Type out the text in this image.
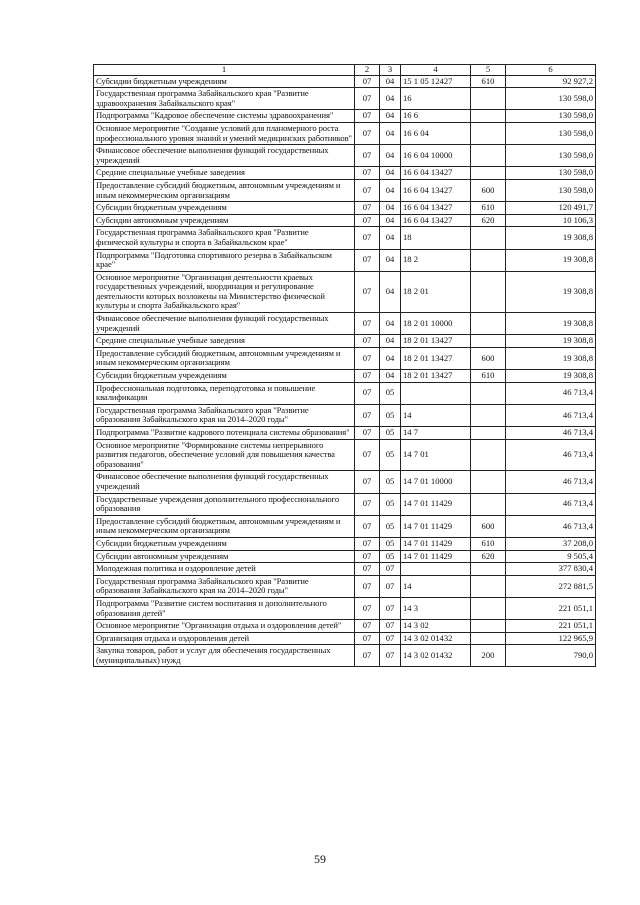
1	2	3	4	5	6
Субсидии бюджетным учреждениям	07	04	15 1 05 12427	610	92 927,2
Государственная программа Забайкальского края "Развитие здравоохранения Забайкальского края"	07	04	16		130 598,0
Подпрограмма "Кадровое обеспечение системы здравоохранения"	07	04	16 6		130 598,0
Основное мероприятие "Создание условий для планомерного роста профессионального уровня знаний и умений медицинских работников"	07	04	16 6 04		130 598,0
Финансовое обеспечение выполнения функций государственных учреждений	07	04	16 6 04 10000		130 598,0
Средние специальные учебные заведения	07	04	16 6 04 13427		130 598,0
Предоставление субсидий бюджетным, автономным учреждениям и иным некоммерческим организациям	07	04	16 6 04 13427	600	130 598,0
Субсидии бюджетным учреждениям	07	04	16 6 04 13427	610	120 491,7
Субсидии автономным учреждениям	07	04	16 6 04 13427	620	10 106,3
Государственная программа Забайкальского края "Развитие физической культуры и спорта в Забайкальском крае"	07	04	18		19 308,8
Подпрограмма "Подготовка спортивного резерва в Забайкальском крае"	07	04	18 2		19 308,8
Основное мероприятие "Организация деятельности краевых государственных учреждений, координация и регулирование деятельности которых возложены на Министерство физической культуры и спорта Забайкальского края"	07	04	18 2 01		19 308,8
Финансовое обеспечение выполнения функций государственных учреждений	07	04	18 2 01 10000		19 308,8
Средние специальные учебные заведения	07	04	18 2 01 13427		19 308,8
Предоставление субсидий бюджетным, автономным учреждениям и иным некоммерческим организациям	07	04	18 2 01 13427	600	19 308,8
Субсидии бюджетным учреждениям	07	04	18 2 01 13427	610	19 308,8
Профессиональная подготовка, переподготовка и повышение квалификации	07	05			46 713,4
Государственная программа Забайкальского края "Развитие образования Забайкальского края на 2014–2020 годы"	07	05	14		46 713,4
Подпрограмма "Развитие кадрового потенциала системы образования"	07	05	14 7		46 713,4
Основное мероприятие "Формирование системы непрерывного развития педагогов, обеспечение условий для повышения качества образования"	07	05	14 7 01		46 713,4
Финансовое обеспечение выполнения функций государственных учреждений	07	05	14 7 01 10000		46 713,4
Государственные учреждения дополнительного профессионального образования	07	05	14 7 01 11429		46 713,4
Предоставление субсидий бюджетным, автономным учреждениям и иным некоммерческим организациям	07	05	14 7 01 11429	600	46 713,4
Субсидии бюджетным учреждениям	07	05	14 7 01 11429	610	37 208,0
Субсидии автономным учреждениям	07	05	14 7 01 11429	620	9 505,4
Молодежная политика и оздоровление детей	07	07			377 830,4
Государственная программа Забайкальского края "Развитие образования Забайкальского края на 2014–2020 годы"	07	07	14		272 881,5
Подпрограмма "Развитие систем воспитания и дополнительного образования детей"	07	07	14 3		221 051,1
Основное мероприятие "Организация отдыха и оздоровления детей"	07	07	14 3 02		221 051,1
Организация отдыха и оздоровления детей	07	07	14 3 02 01432		122 965,9
Закупка товаров, работ и услуг для обеспечения государственных (муниципальных) нужд	07	07	14 3 02 01432	200	790,0
59
